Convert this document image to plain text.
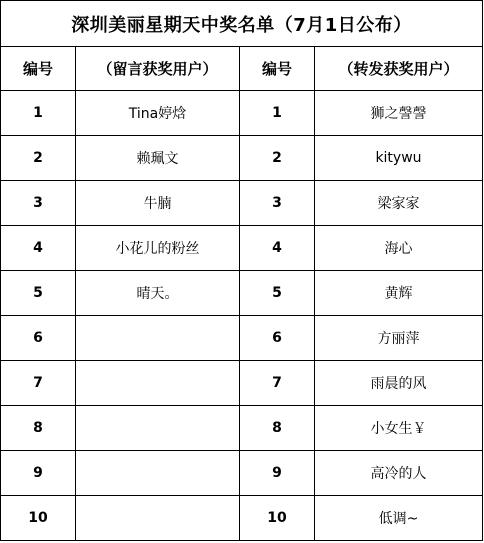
深圳美丽星期天中奖名单（7月1日公布）			
编号	（留言获奖用户）	编号	（转发获奖用户）
1	Tina婷焓	1	狮之謦謦
2	赖珮文	2	kitywu
3	牛腩	3	梁家家
4	小花儿的粉丝	4	海心
5	晴天。	5	黄辉
6		6	方丽萍
7		7	雨晨的风
8		8	小女生￥
9		9	高冷的人
10		10	低调~
